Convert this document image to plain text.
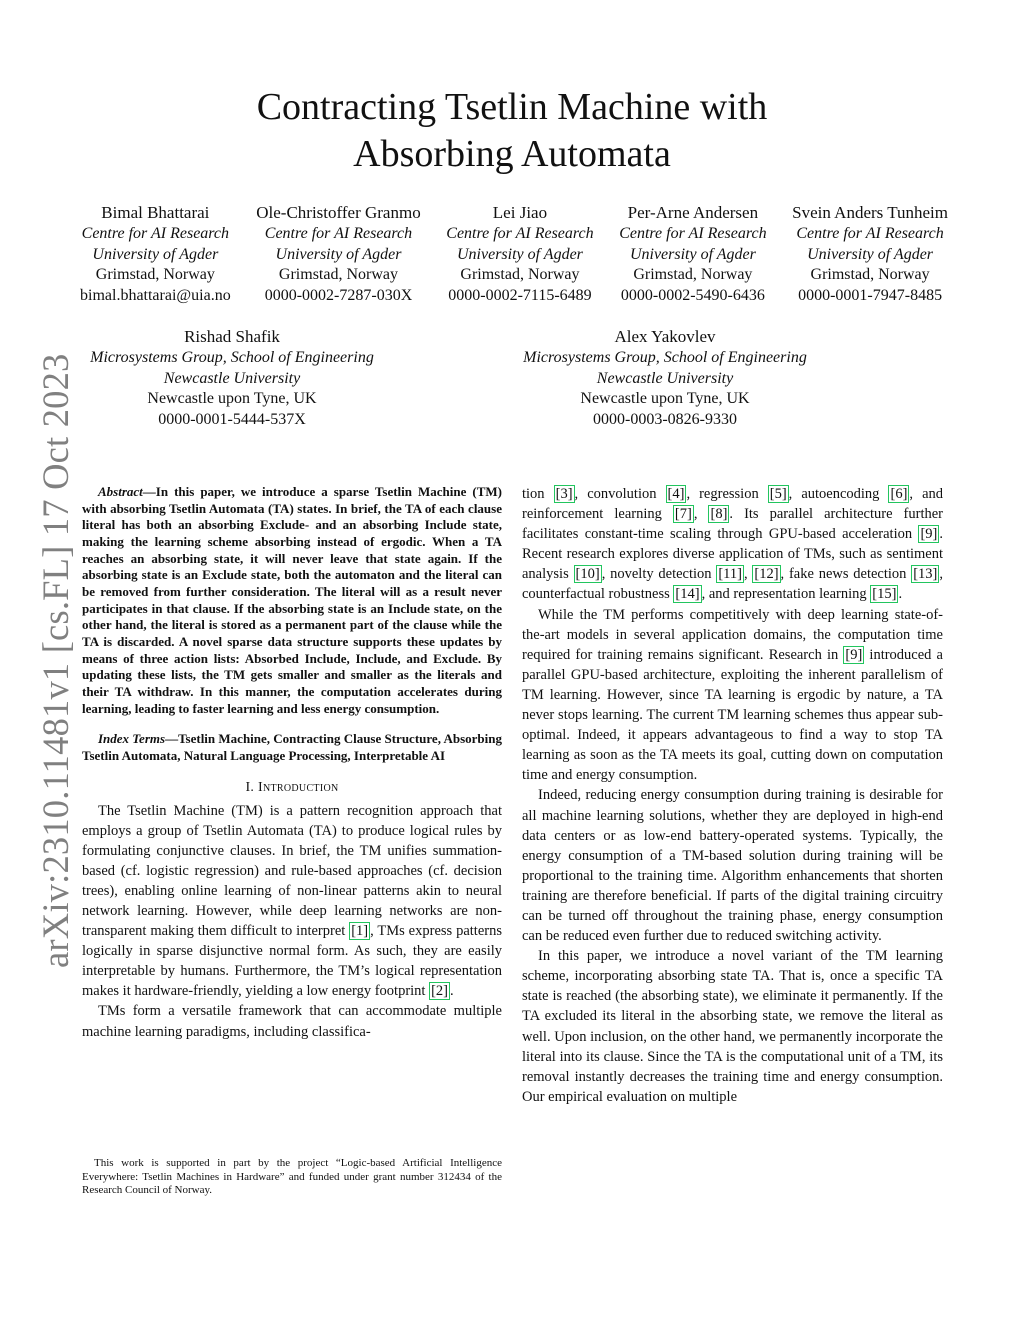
arXiv:2310.11481v1 [cs.FL] 17 Oct 2023
Contracting Tsetlin Machine with
Absorbing Automata
Bimal Bhattarai
Centre for AI Research
University of Agder
Grimstad, Norway
bimal.bhattarai@uia.no
Ole-Christoffer Granmo
Centre for AI Research
University of Agder
Grimstad, Norway
0000-0002-7287-030X
Lei Jiao
Centre for AI Research
University of Agder
Grimstad, Norway
0000-0002-7115-6489
Per-Arne Andersen
Centre for AI Research
University of Agder
Grimstad, Norway
0000-0002-5490-6436
Svein Anders Tunheim
Centre for AI Research
University of Agder
Grimstad, Norway
0000-0001-7947-8485
Rishad Shafik
Microsystems Group, School of Engineering
Newcastle University
Newcastle upon Tyne, UK
0000-0001-5444-537X
Alex Yakovlev
Microsystems Group, School of Engineering
Newcastle University
Newcastle upon Tyne, UK
0000-0003-0826-9330

Abstract—In this paper, we introduce a sparse Tsetlin Machine (TM) with absorbing Tsetlin Automata (TA) states. In brief, the TA of each clause literal has both an absorbing Exclude- and an absorbing Include state, making the learning scheme absorbing instead of ergodic. When a TA reaches an absorbing state, it will never leave that state again. If the absorbing state is an Exclude state, both the automaton and the literal can be removed from further consideration. The literal will as a result never participates in that clause. If the absorbing state is an Include state, on the other hand, the literal is stored as a permanent part of the clause while the TA is discarded. A novel sparse data structure supports these updates by means of three action lists: Absorbed Include, Include, and Exclude. By updating these lists, the TM gets smaller and smaller as the literals and their TA withdraw. In this manner, the computation accelerates during learning, leading to faster learning and less energy consumption.

Index Terms—Tsetlin Machine, Contracting Clause Structure, Absorbing Tsetlin Automata, Natural Language Processing, Interpretable AI

I. Introduction

The Tsetlin Machine (TM) is a pattern recognition approach that employs a group of Tsetlin Automata (TA) to produce logical rules by formulating conjunctive clauses. In brief, the TM unifies summation-based (cf. logistic regression) and rule-based approaches (cf. decision trees), enabling online learning of non-linear patterns akin to neural network learning. However, while deep learning networks are non-transparent making them difficult to interpret [1] , TMs express patterns logically in sparse disjunctive normal form. As such, they are easily interpretable by humans. Furthermore, the TM’s logical representation makes it hardware-friendly, yielding a low energy footprint [2] .

TMs form a versatile framework that can accommodate multiple machine learning paradigms, including classifica-

This work is supported in part by the project “Logic-based Artificial Intelligence Everywhere: Tsetlin Machines in Hardware” and funded under grant number 312434 of the Research Council of Norway.

tion [3] , convolution [4] , regression [5] , autoencoding [6] , and reinforcement learning [7] , [8] . Its parallel architecture further facilitates constant-time scaling through GPU-based acceleration [9] . Recent research explores diverse application of TMs, such as sentiment analysis [10] , novelty detection [11] , [12] , fake news detection [13] , counterfactual robustness [14] , and representation learning [15] .

While the TM performs competitively with deep learning state-of-the-art models in several application domains, the computation time required for training remains significant. Research in [9] introduced a parallel GPU-based architecture, exploiting the inherent parallelism of TM learning. However, since TA learning is ergodic by nature, a TA never stops learning. The current TM learning schemes thus appear sub-optimal. Indeed, it appears advantageous to find a way to stop TA learning as soon as the TA meets its goal, cutting down on computation time and energy consumption.

Indeed, reducing energy consumption during training is desirable for all machine learning solutions, whether they are deployed in high-end data centers or as low-end battery-operated systems. Typically, the energy consumption of a TM-based solution during training will be proportional to the training time. Algorithm enhancements that shorten training are therefore beneficial. If parts of the digital training circuitry can be turned off throughout the training phase, energy consumption can be reduced even further due to reduced switching activity.

In this paper, we introduce a novel variant of the TM learning scheme, incorporating absorbing state TA. That is, once a specific TA state is reached (the absorbing state), we eliminate it permanently. If the TA excluded its literal in the absorbing state, we remove the literal as well. Upon inclusion, on the other hand, we permanently incorporate the literal into its clause. Since the TA is the computational unit of a TM, its removal instantly decreases the training time and energy consumption. Our empirical evaluation on multiple
